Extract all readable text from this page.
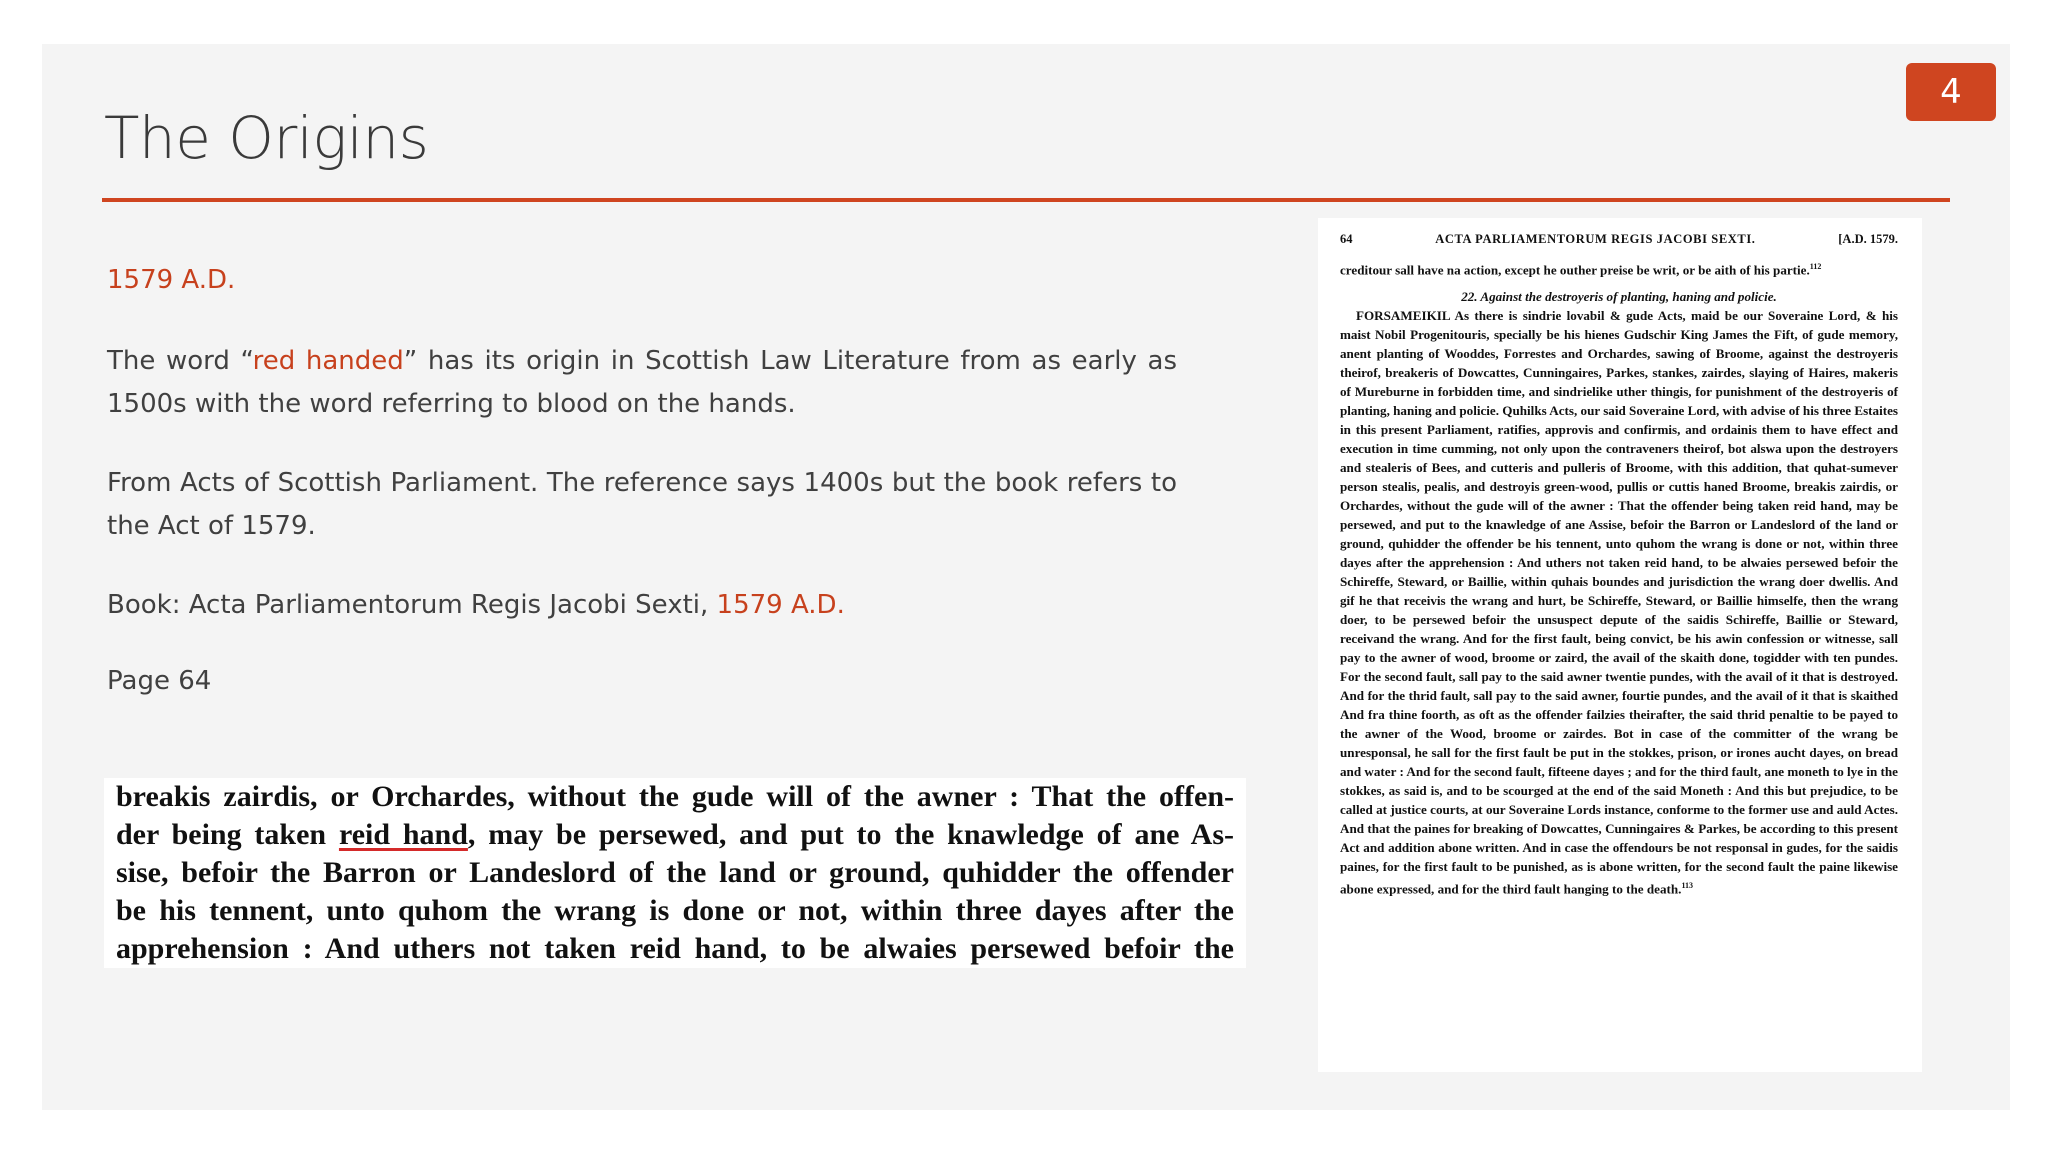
4
The Origins
1579 A.D.

The word “red handed” has its origin in Scottish Law Literature from as early as 1500s with the word referring to blood on the hands.

From Acts of Scottish Parliament. The reference says 1400s but the book refers to the Act of 1579.

Book: Acta Parliamentorum Regis Jacobi Sexti, 1579 A.D.

Page 64

breakis zairdis, or Orchardes, without the gude will of the awner : That the offen-

der being taken reid hand, may be persewed, and put to the knawledge of ane As-

sise, befoir the Barron or Landeslord of the land or ground, quhidder the offender

be his tennent, unto quhom the wrang is done or not, within three dayes after the

apprehension : And uthers not taken reid hand, to be alwaies persewed befoir the

64	ACTA PARLIAMENTORUM REGIS JACOBI SEXTI.	[A.D. 1579.

creditour sall have na action, except he outher preise be writ, or be aith of his partie.$^{112}$

22. Against the destroyeris of planting, haning and policie.

FORSAMEIKIL As there is sindrie lovabil & gude Acts, maid be our Soveraine Lord, & his maist Nobil Progenitouris, specially be his hienes Gudschir King James the Fift, of gude memory, anent planting of Wooddes, Forrestes and Orchardes, sawing of Broome, against the destroyeris theirof, breakeris of Dowcattes, Cunningaires, Parkes, stankes, zairdes, slaying of Haires, makeris of Mureburne in forbidden time, and sindrielike uther thingis, for punishment of the destroyeris of planting, haning and policie. Quhilks Acts, our said Soveraine Lord, with advise of his three Estaites in this present Parliament, ratifies, approvis and confirmis, and ordainis them to have effect and execution in time cumming, not only upon the contraveners theirof, bot alswa upon the destroyers and stealeris of Bees, and cutteris and pulleris of Broome, with this addition, that quhat-sumever person stealis, pealis, and destroyis green-wood, pullis or cuttis haned Broome, breakis zairdis, or Orchardes, without the gude will of the awner : That the offender being taken reid hand, may be persewed, and put to the knawledge of ane Assise, befoir the Barron or Landeslord of the land or ground, quhidder the offender be his tennent, unto quhom the wrang is done or not, within three dayes after the apprehension : And uthers not taken reid hand, to be alwaies persewed befoir the Schireffe, Steward, or Baillie, within quhais boundes and jurisdiction the wrang doer dwellis. And gif he that receivis the wrang and hurt, be Schireffe, Steward, or Baillie himselfe, then the wrang doer, to be persewed befoir the unsuspect depute of the saidis Schireffe, Baillie or Steward, receivand the wrang. And for the first fault, being convict, be his awin confession or witnesse, sall pay to the awner of wood, broome or zaird, the avail of the skaith done, togidder with ten pundes. For the second fault, sall pay to the said awner twentie pundes, with the avail of it that is destroyed. And for the thrid fault, sall pay to the said awner, fourtie pundes, and the avail of it that is skaithed And fra thine foorth, as oft as the offender failzies theirafter, the said thrid penaltie to be payed to the awner of the Wood, broome or zairdes. Bot in case of the committer of the wrang be unresponsal, he sall for the first fault be put in the stokkes, prison, or irones aucht dayes, on bread and water : And for the second fault, fifteene dayes ; and for the third fault, ane moneth to lye in the stokkes, as said is, and to be scourged at the end of the said Moneth : And this but prejudice, to be called at justice courts, at our Soveraine Lords instance, conforme to the former use and auld Actes. And that the paines for breaking of Dowcattes, Cunningaires & Parkes, be according to this present Act and addition abone written. And in case the offendours be not responsal in gudes, for the saidis paines, for the first fault to be punished, as is abone written, for the second fault the paine likewise abone expressed, and for the third fault hanging to the death.$^{113}$
